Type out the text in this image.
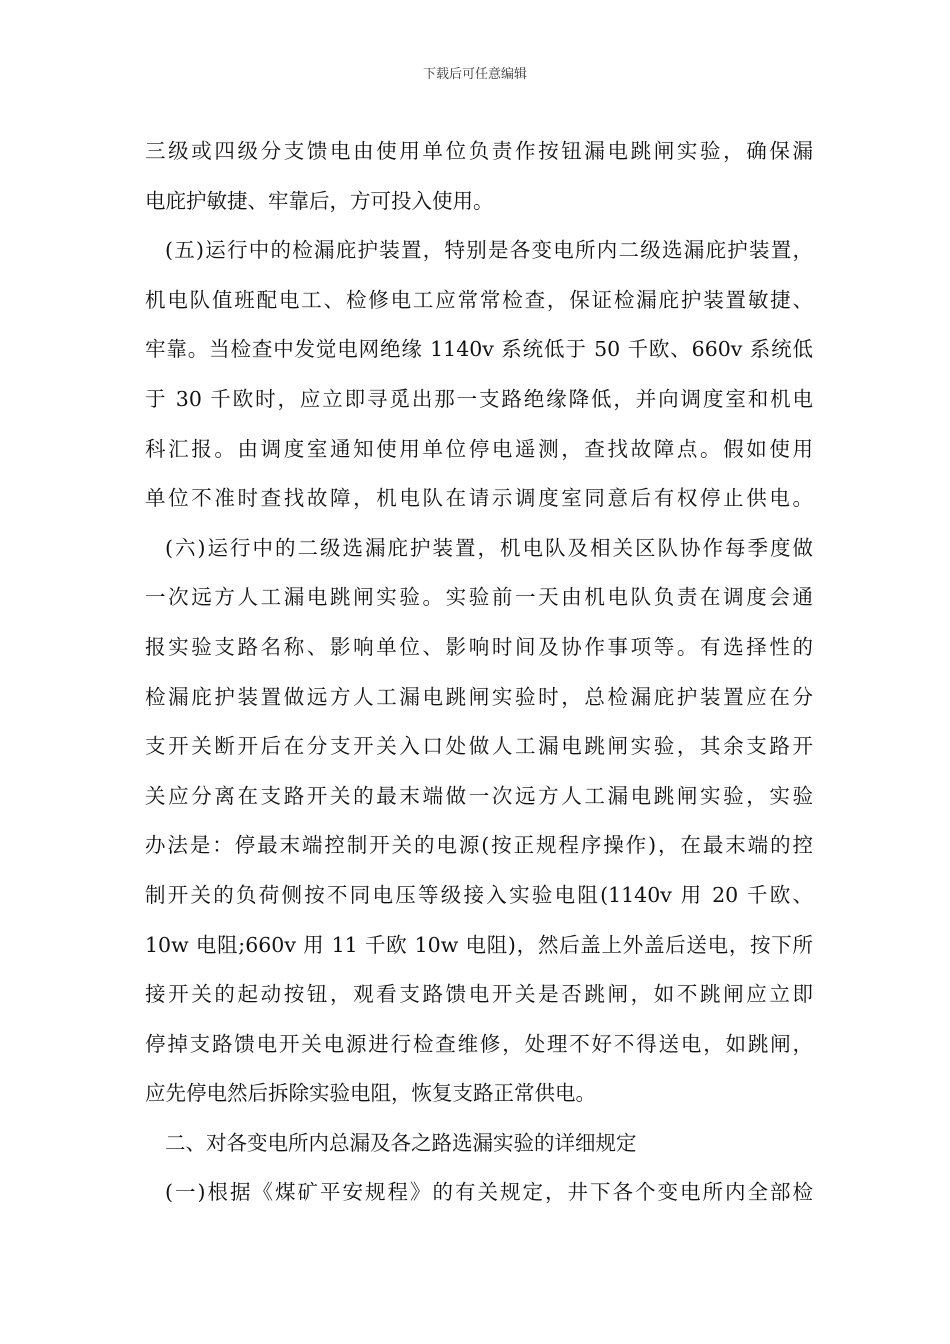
下载后可任意编辑
三级或四级分支馈电由使用单位负责作按钮漏电跳闸实验，确保漏
电庇护敏捷、牢靠后，方可投入使用。
(五)运行中的检漏庇护装置，特别是各变电所内二级选漏庇护装置，
机电队值班配电工、检修电工应常常检查，保证检漏庇护装置敏捷、
牢靠。当检查中发觉电网绝缘 1140v 系统低于 50 千欧、660v 系统低
于 30 千欧时，应立即寻觅出那一支路绝缘降低，并向调度室和机电
科汇报。由调度室通知使用单位停电遥测，查找故障点。假如使用
单位不准时查找故障，机电队在请示调度室同意后有权停止供电。
(六)运行中的二级选漏庇护装置，机电队及相关区队协作每季度做
一次远方人工漏电跳闸实验。实验前一天由机电队负责在调度会通
报实验支路名称、影响单位、影响时间及协作事项等。有选择性的
检漏庇护装置做远方人工漏电跳闸实验时，总检漏庇护装置应在分
支开关断开后在分支开关入口处做人工漏电跳闸实验，其余支路开
关应分离在支路开关的最末端做一次远方人工漏电跳闸实验，实验
办法是：停最末端控制开关的电源(按正规程序操作)，在最末端的控
制开关的负荷侧按不同电压等级接入实验电阻(1140v 用 20 千欧、
10w 电阻;660v 用 11 千欧 10w 电阻)，然后盖上外盖后送电，按下所
接开关的起动按钮，观看支路馈电开关是否跳闸，如不跳闸应立即
停掉支路馈电开关电源进行检查维修，处理不好不得送电，如跳闸，
应先停电然后拆除实验电阻，恢复支路正常供电。
二、对各变电所内总漏及各之路选漏实验的详细规定
(一)根据《煤矿平安规程》的有关规定，井下各个变电所内全部检
